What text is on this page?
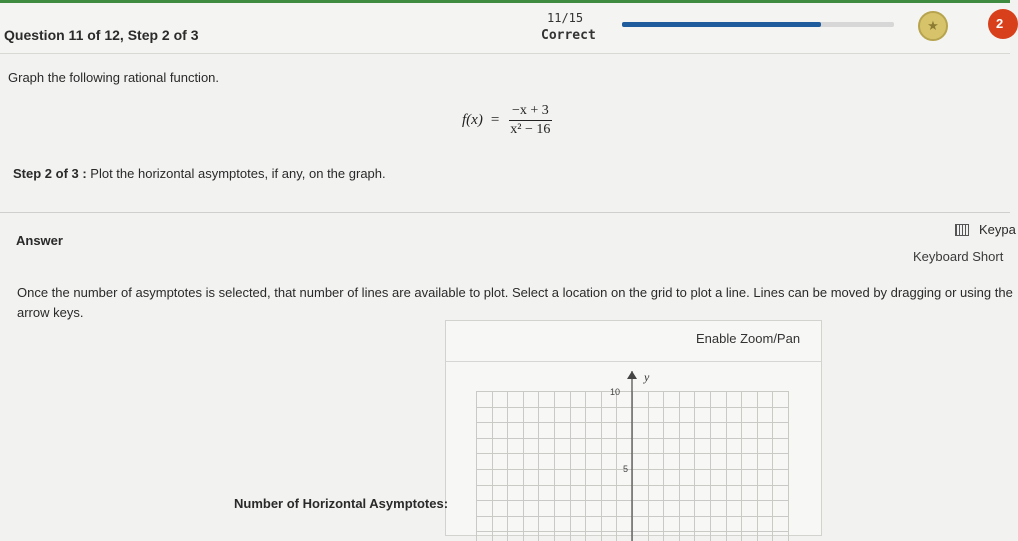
Question 11 of 12, Step 2 of 3
11/15
Correct
★	2
Graph the following rational function.
$f(x) = \frac{-x + 3}{\text{x² − 16}}$
Step 2 of 3 : Plot the horizontal asymptotes, if any, on the graph.
Answer
Keypa
Keyboard Short
Once the number of asymptotes is selected, that number of lines are available to plot. Select a location on the grid to plot a line. Lines can be moved by dragging or using the arrow keys.
Enable Zoom/Pan
y
10
5
Number of Horizontal Asymptotes:
